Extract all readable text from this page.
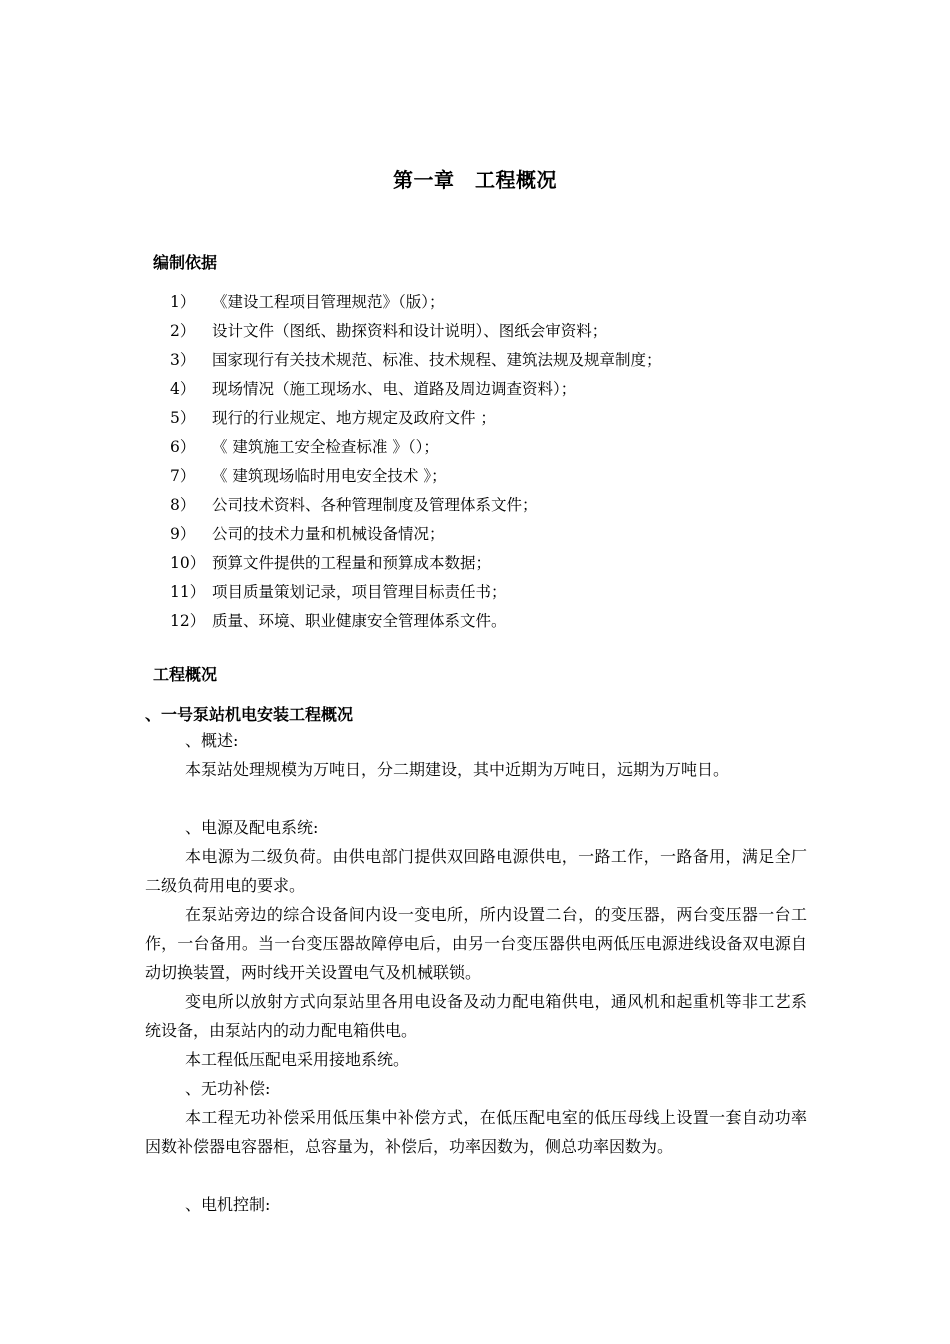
第一章　工程概况
编制依据
1） 《建设工程项目管理规范》（版）；
2） 设计文件（图纸、勘探资料和设计说明）、图纸会审资料；
3） 国家现行有关技术规范、标准、技术规程、建筑法规及规章制度；
4） 现场情况（施工现场水、电、道路及周边调查资料）；
5） 现行的行业规定、地方规定及政府文件 ；
6） 《 建筑施工安全检查标准 》（）；
7） 《 建筑现场临时用电安全技术 》；
8） 公司技术资料、各种管理制度及管理体系文件；
9） 公司的技术力量和机械设备情况；
10） 预算文件提供的工程量和预算成本数据；
11） 项目质量策划记录，项目管理目标责任书；
12） 质量、环境、职业健康安全管理体系文件。
工程概况
、一号泵站机电安装工程概况
、概述:
本泵站处理规模为万吨日，分二期建设，其中近期为万吨日，远期为万吨日。
、电源及配电系统:
本电源为二级负荷。由供电部门提供双回路电源供电，一路工作，一路备用，满足全厂二级负荷用电的要求。
在泵站旁边的综合设备间内设一变电所，所内设置二台，的变压器，两台变压器一台工作，一台备用。当一台变压器故障停电后，由另一台变压器供电两低压电源进线设备双电源自动切换装置，两时线开关设置电气及机械联锁。
变电所以放射方式向泵站里各用电设备及动力配电箱供电，通风机和起重机等非工艺系统设备，由泵站内的动力配电箱供电。
本工程低压配电采用接地系统。
、无功补偿:
本工程无功补偿采用低压集中补偿方式，在低压配电室的低压母线上设置一套自动功率因数补偿器电容器柜，总容量为，补偿后，功率因数为，侧总功率因数为。
、电机控制:
